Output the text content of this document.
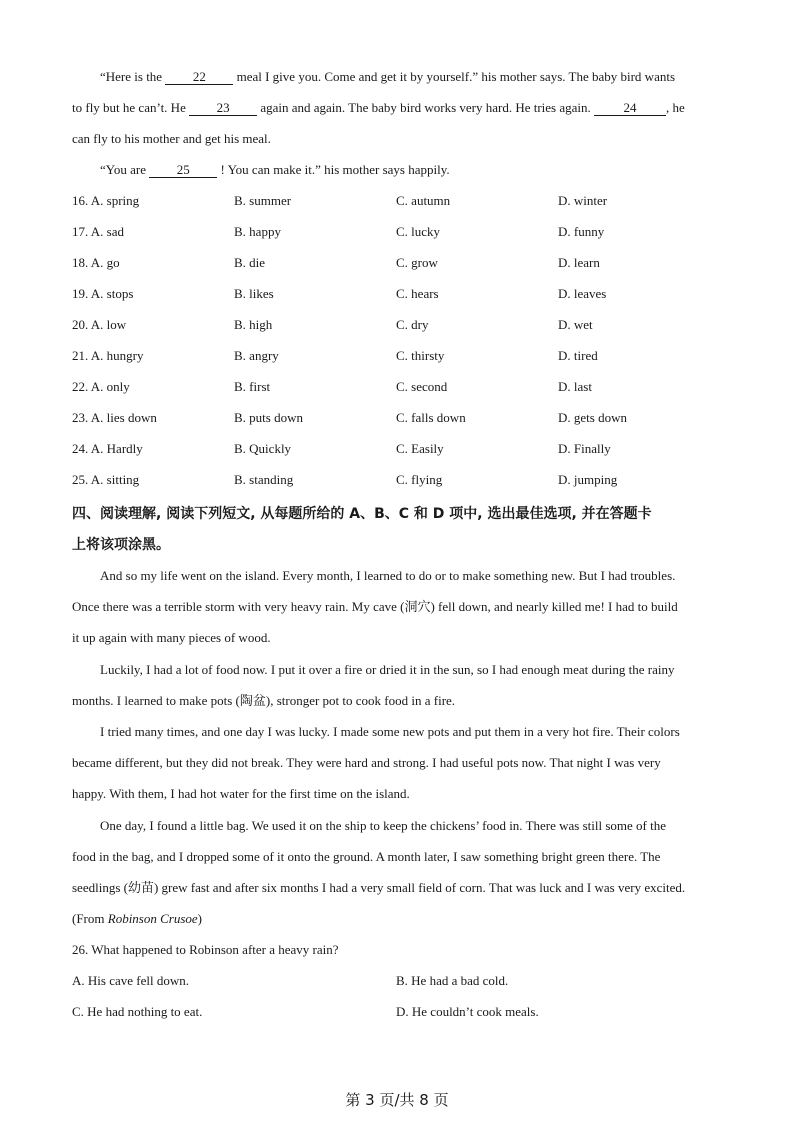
“Here is the 22 meal I give you. Come and get it by yourself.” his mother says. The baby bird wants
to fly but he can’t. He 23 again and again. The baby bird works very hard. He tries again. 24 , he
can fly to his mother and get his meal.
“You are 25 ! You can make it.” his mother says happily.
16. A. spring	B. summer	C. autumn	D. winter
17. A. sad	B. happy	C. lucky	D. funny
18. A. go	B. die	C. grow	D. learn
19. A. stops	B. likes	C. hears	D. leaves
20. A. low	B. high	C. dry	D. wet
21. A. hungry	B. angry	C. thirsty	D. tired
22. A. only	B. first	C. second	D. last
23. A. lies down	B. puts down	C. falls down	D. gets down
24. A. Hardly	B. Quickly	C. Easily	D. Finally
25. A. sitting	B. standing	C. flying	D. jumping
四、阅读理解, 阅读下列短文, 从每题所给的 A、B、C 和 D 项中, 选出最佳选项, 并在答题卡
上将该项涂黑。
And so my life went on the island. Every month, I learned to do or to make something new. But I had troubles.
Once there was a terrible storm with very heavy rain. My cave (洞穴) fell down, and nearly killed me! I had to build
it up again with many pieces of wood.
Luckily, I had a lot of food now. I put it over a fire or dried it in the sun, so I had enough meat during the rainy
months. I learned to make pots (陶盆), stronger pot to cook food in a fire.
I tried many times, and one day I was lucky. I made some new pots and put them in a very hot fire. Their colors
became different, but they did not break. They were hard and strong. I had useful pots now. That night I was very
happy. With them, I had hot water for the first time on the island.
One day, I found a little bag. We used it on the ship to keep the chickens’ food in. There was still some of the
food in the bag, and I dropped some of it onto the ground. A month later, I saw something bright green there. The
seedlings (幼苗) grew fast and after six months I had a very small field of corn. That was luck and I was very excited.
(From Robinson Crusoe)
26. What happened to Robinson after a heavy rain?
A. His cave fell down.	B. He had a bad cold.
C. He had nothing to eat.	D. He couldn’t cook meals.
第 3 页/共 8 页
